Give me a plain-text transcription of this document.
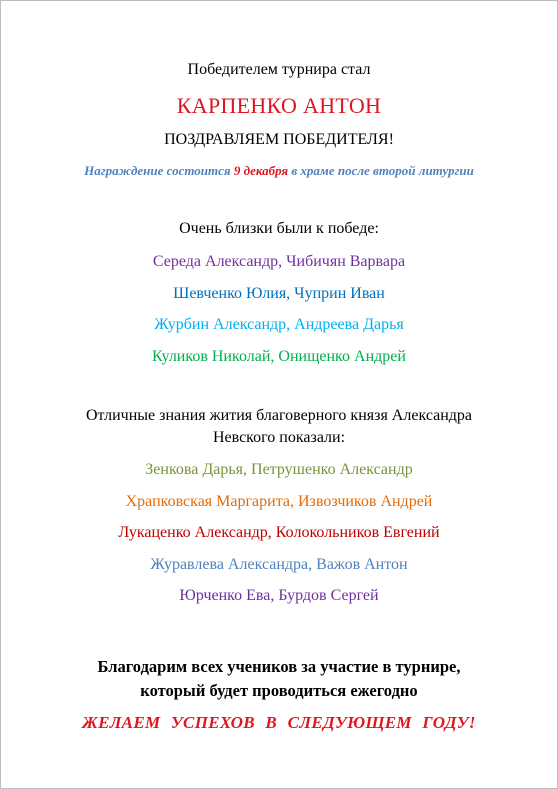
Победителем турнира стал
КАРПЕНКО АНТОН
ПОЗДРАВЛЯЕМ ПОБЕДИТЕЛЯ!
Награждение состоится 9 декабря в храме после второй литургии
Очень близки были к победе:
Середа Александр, Чибичян Варвара
Шевченко Юлия, Чуприн Иван
Журбин Александр, Андреева Дарья
Куликов Николай, Онищенко Андрей
Отличные знания жития благоверного князя Александра
Невского показали:
Зенкова Дарья, Петрушенко Александр
Храпковская Маргарита, Извозчиков Андрей
Лукаценко Александр, Колокольников Евгений
Журавлева Александра, Важов Антон
Юрченко Ева, Бурдов Сергей
Благодарим всех учеников за участие в турнире,
который будет проводиться ежегодно
ЖЕЛАЕМ УСПЕХОВ В СЛЕДУЮЩЕМ ГОДУ!
